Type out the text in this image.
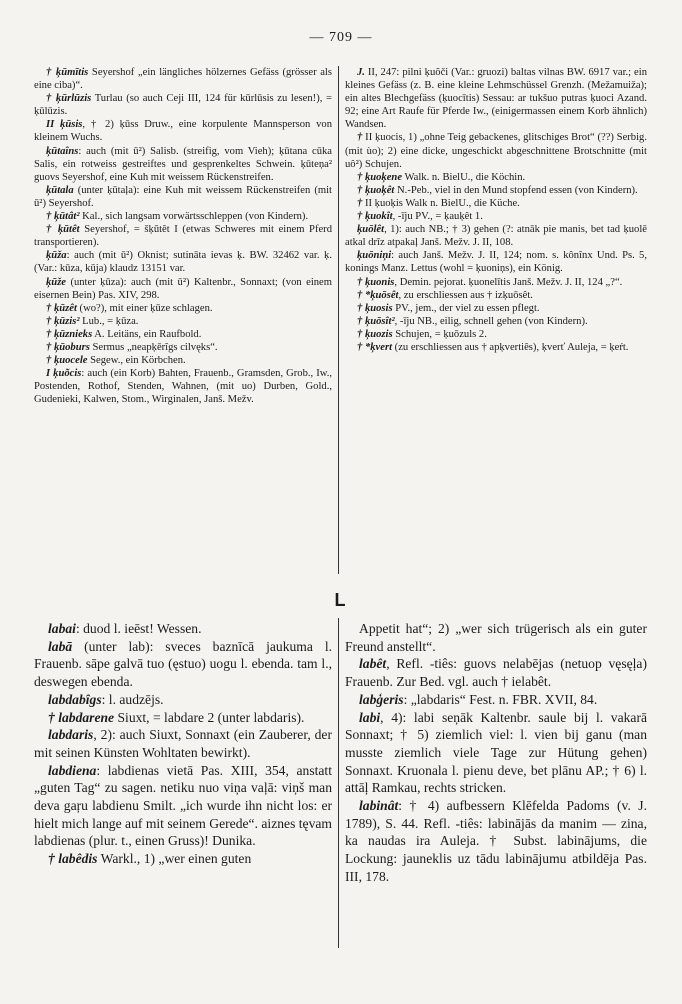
— 709 —

† ķūmītis Seyershof „ein längliches hölzernes Gefäss (grösser als eine ciba)“.

† ķūrlūzis Turlau (so auch Ceji III, 124 für kūrlūsis zu lesen!), = ķūlūzis.

II ķūsis, † 2) ķūss Druw., eine korpulente Mannsperson von kleinem Wuchs.

ķūtaîns: auch (mit ū²) Salisb. (streifig, vom Vieh); ķūtana cūka Salis, ein rotweiss gestreiftes und gesprenkeltes Schwein. ķūteņa² guovs Seyershof, eine Kuh mit weissem Rückenstreifen.

ķūtala (unter ķūtaļa): eine Kuh mit weissem Rückenstreifen (mit ū²) Seyershof.

† ķūtât² Kal., sich langsam vorwärtsschleppen (von Kindern).

† ķūtêt Seyershof, = šķūtêt I (etwas Schweres mit einem Pferd transportieren).

ķūža: auch (mit ū²) Oknist; sutināta ievas ķ. BW. 32462 var. ķ. (Var.: kūza, kūja) klaudz 13151 var.

ķūže (unter ķūza): auch (mit ū²) Kaltenbr., Sonnaxt; (von einem eisernen Bein) Pas. XIV, 298.

† ķūzêt (wo?), mit einer ķūze schlagen.

† ķūzis² Lub., = ķūza.

† ķūznieks A. Leitäns, ein Raufbold.

† ķūoburs Sermus „neapķērîgs cilvęks“.

† ķuocele Segew., ein Körbchen.

I ķuõcis: auch (ein Korb) Bahten, Frauenb., Gramsden, Grob., Iw., Postenden, Rothof, Stenden, Wahnen, (mit uo) Durben, Gold., Gudenieki, Kalwen, Stom., Wirginalen, Janš. Mežv.

J. II, 247: pilni ķuõči (Var.: gruozi) baltas vilnas BW. 6917 var.; ein kleines Gefäss (z. B. eine kleine Lehmschüssel Grenzh. (Mežamuiža); ein altes Blechgefäss (ķuocītis) Sessau: ar tukšuo putras ķuoci Azand. 92; eine Art Raufe für Pferde Iw., (einigermassen einem Korb ähnlich) Wandsen.

† II ķuocis, 1) „ohne Teig gebackenes, glitschiges Brot“ (??) Serbig. (mit ùo); 2) eine dicke, ungeschickt abgeschnittene Brotschnitte (mit uô²) Schujen.

† ķuoķene Walk. n. BielU., die Köchin.

† ķuoķêt N.-Peb., viel in den Mund stopfend essen (von Kindern).

† II ķuoķis Walk n. BielU., die Küche.

† ķuokît, -īju PV., = ķauķêt 1.

ķuōlêt, 1): auch NB.; † 3) gehen (?: atnāk pie manis, bet tad ķuolē atkal drīz atpakaļ Janš. Mežv. J. II, 108.

ķuōniņi: auch Janš. Mežv. J. II, 124; nom. s. kônînx Und. Ps. 5, konings Manz. Lettus (wohl = ķuoniņs), ein König.

† ķuonis, Demin. pejorat. ķuonelītis Janš. Mežv. J. II, 124 „?“.

† *ķuōsêt, zu erschliessen aus † izķuōsêt.

† ķuosis PV., jem., der viel zu essen pflegt.

† ķuōsît², -īju NB., eilig, schnell gehen (von Kindern).

† ķuozis Schujen, = ķuōzuls 2.

† *ķvert (zu erschliessen aus † apķvertiês), ķverť Auleja, = ķeŕt.

L

labai: duod l. ieēst! Wessen.

labā (unter lab): sveces baznīcā jaukuma l. Frauenb. sāpe galvā tuo (ęstuo) uogu l. ebenda. tam l., deswegen ebenda.

labdabîgs: l. audzējs.

† labdarene Siuxt, = labdare 2 (unter labdaris).

labdaris, 2): auch Siuxt, Sonnaxt (ein Zauberer, der mit seinen Künsten Wohltaten bewirkt).

labdiena: labdienas vietā Pas. XIII, 354, anstatt „guten Tag“ zu sagen. netiku nuo viņa vaļā: viņš man deva gaŗu labdienu Smilt. „ich wurde ihn nicht los: er hielt mich lange auf mit seinem Gerede“. aiznes tęvam labdienas (plur. t., einen Gruss)! Dunika.

† labêdis Warkl., 1) „wer einen guten

Appetit hat“; 2) „wer sich trügerisch als ein guter Freund anstellt“.

labêt, Refl. -tiês: guovs nelabējas (netuop vęsęļa) Frauenb. Zur Bed. vgl. auch † ielabêt.

labģeris: „labdaris“ Fest. n. FBR. XVII, 84.

labi, 4): labi seņāk Kaltenbr. saule bij l. vakarā Sonnaxt; † 5) ziemlich viel: l. vien bij ganu (man musste ziemlich viele Tage zur Hütung gehen) Sonnaxt. Kruonala l. pienu deve, bet plānu AP.; † 6) l. attāļ Ramkau, rechts stricken.

labinât: † 4) aufbessern Klēfelda Padoms (v. J. 1789), S. 44. Refl. -tiês: labinājās da manim — zina, ka naudas ira Auleja. † Subst. labinājums, die Lockung: jauneklis uz tādu labinājumu atbildēja Pas. III, 178.
